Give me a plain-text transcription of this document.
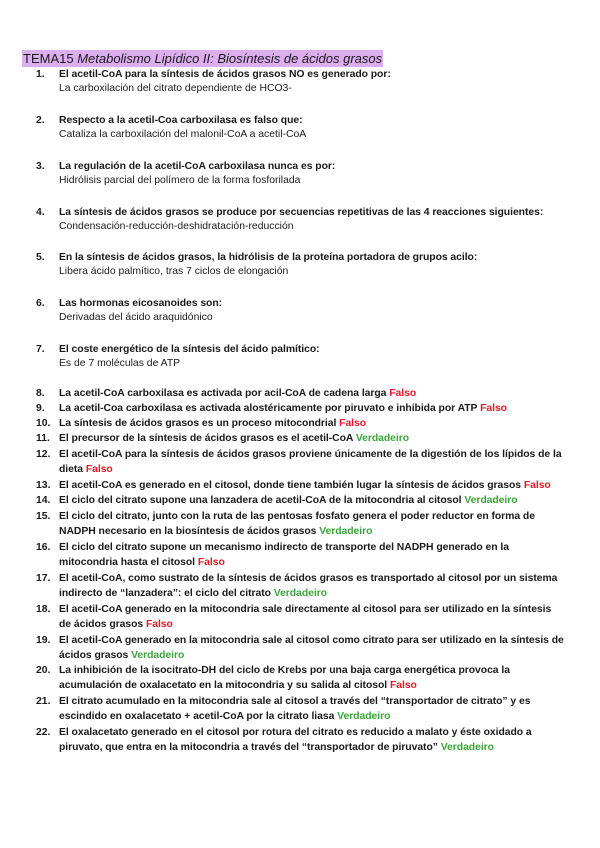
TEMA15 Metabolismo Lipídico II: Biosíntesis de ácidos grasos
1.	El acetil-CoA para la síntesis de ácidos grasos NO es generado por:
La carboxilación del citrato dependiente de HCO3-
2.	Respecto a la acetil-Coa carboxilasa es falso que:
Cataliza la carboxilación del malonil-CoA a acetil-CoA
3.	La regulación de la acetil-CoA carboxilasa nunca es por:
Hidrólisis parcial del polímero de la forma fosforilada
4.	La síntesis de ácidos grasos se produce por secuencias repetitivas de las 4 reacciones siguientes:
Condensación-reducción-deshidratación-reducción
5.	En la síntesis de ácidos grasos, la hidrólisis de la proteína portadora de grupos acilo:
Libera ácido palmítico, tras 7 ciclos de elongación
6.	Las hormonas eicosanoides son:
Derivadas del ácido araquidónico
7.	El coste energético de la síntesis del ácido palmítico:
Es de 7 moléculas de ATP
8.	La acetil-CoA carboxilasa es activada por acil-CoA de cadena larga Falso
9.	La acetil-Coa carboxilasa es activada alostéricamente por piruvato e inhibida por ATP Falso
10. La síntesis de ácidos grasos es un proceso mitocondrial Falso
11. El precursor de la síntesis de ácidos grasos es el acetil-CoA Verdadeiro
12. El acetil-CoA para la síntesis de ácidos grasos proviene únicamente de la digestión de los lípidos de la dieta Falso
13. El acetil-CoA es generado en el citosol, donde tiene también lugar la síntesis de ácidos grasos Falso
14. El ciclo del citrato supone una lanzadera de acetil-CoA de la mitocondria al citosol Verdadeiro
15. El ciclo del citrato, junto con la ruta de las pentosas fosfato genera el poder reductor en forma de NADPH necesario en la biosíntesis de ácidos grasos Verdadeiro
16. El ciclo del citrato supone un mecanismo indirecto de transporte del NADPH generado en la mitocondria hasta el citosol Falso
17. El acetil-CoA, como sustrato de la síntesis de ácidos grasos es transportado al citosol por un sistema indirecto de “lanzadera”: el ciclo del citrato Verdadeiro
18. El acetil-CoA generado en la mitocondria sale directamente al citosol para ser utilizado en la síntesis de ácidos grasos Falso
19. El acetil-CoA generado en la mitocondria sale al citosol como citrato para ser utilizado en la síntesis de ácidos grasos Verdadeiro
20. La inhibición de la isocitrato-DH del ciclo de Krebs por una baja carga energética provoca la acumulación de oxalacetato en la mitocondria y su salida al citosol Falso
21. El citrato acumulado en la mitocondria sale al citosol a través del “transportador de citrato” y es escindido en oxalacetato + acetil-CoA por la citrato liasa Verdadeiro
22. El oxalacetato generado en el citosol por rotura del citrato es reducido a malato y éste oxidado a piruvato, que entra en la mitocondria a través del “transportador de piruvato” Verdadeiro
